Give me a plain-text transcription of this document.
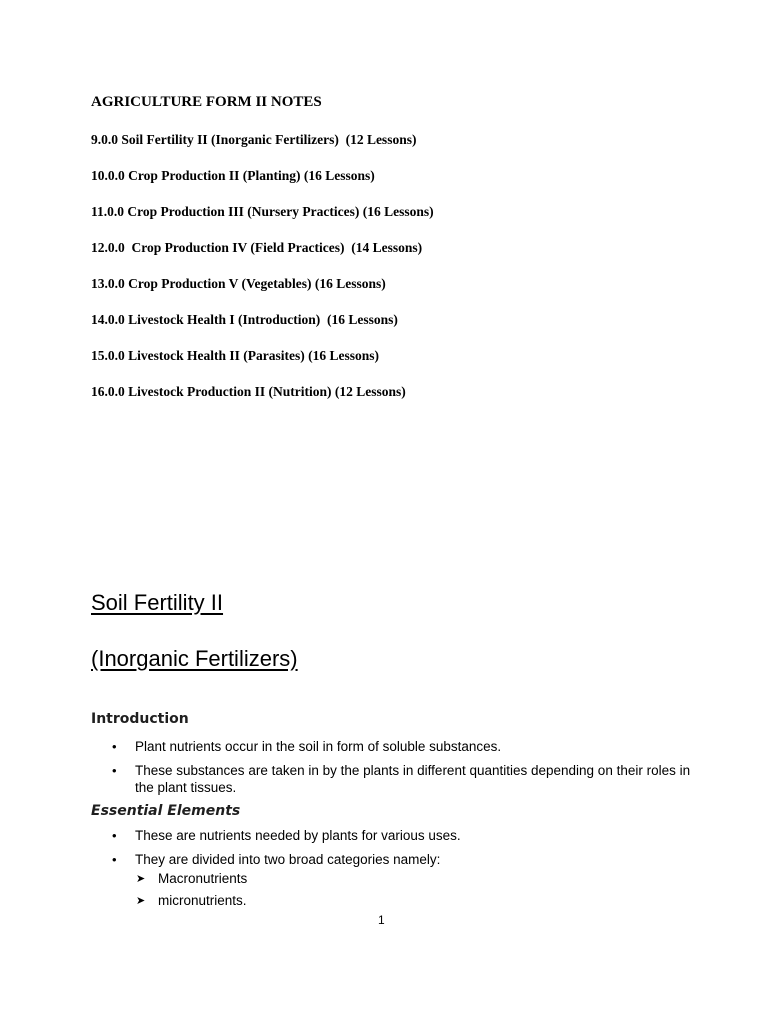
AGRICULTURE FORM II NOTES
9.0.0 Soil Fertility II (Inorganic Fertilizers)  (12 Lessons)
10.0.0 Crop Production II (Planting) (16 Lessons)
11.0.0 Crop Production III (Nursery Practices) (16 Lessons)
12.0.0  Crop Production IV (Field Practices)  (14 Lessons)
13.0.0 Crop Production V (Vegetables) (16 Lessons)
14.0.0 Livestock Health I (Introduction)  (16 Lessons)
15.0.0 Livestock Health II (Parasites) (16 Lessons)
16.0.0 Livestock Production II (Nutrition) (12 Lessons)
Soil Fertility II
(Inorganic Fertilizers)
Introduction
• Plant nutrients occur in the soil in form of soluble substances.
• These substances are taken in by the plants in different quantities depending on their roles in the plant tissues.
Essential Elements
• These are nutrients needed by plants for various uses.
• They are divided into two broad categories namely:
➤ Macronutrients
➤ micronutrients.
1
